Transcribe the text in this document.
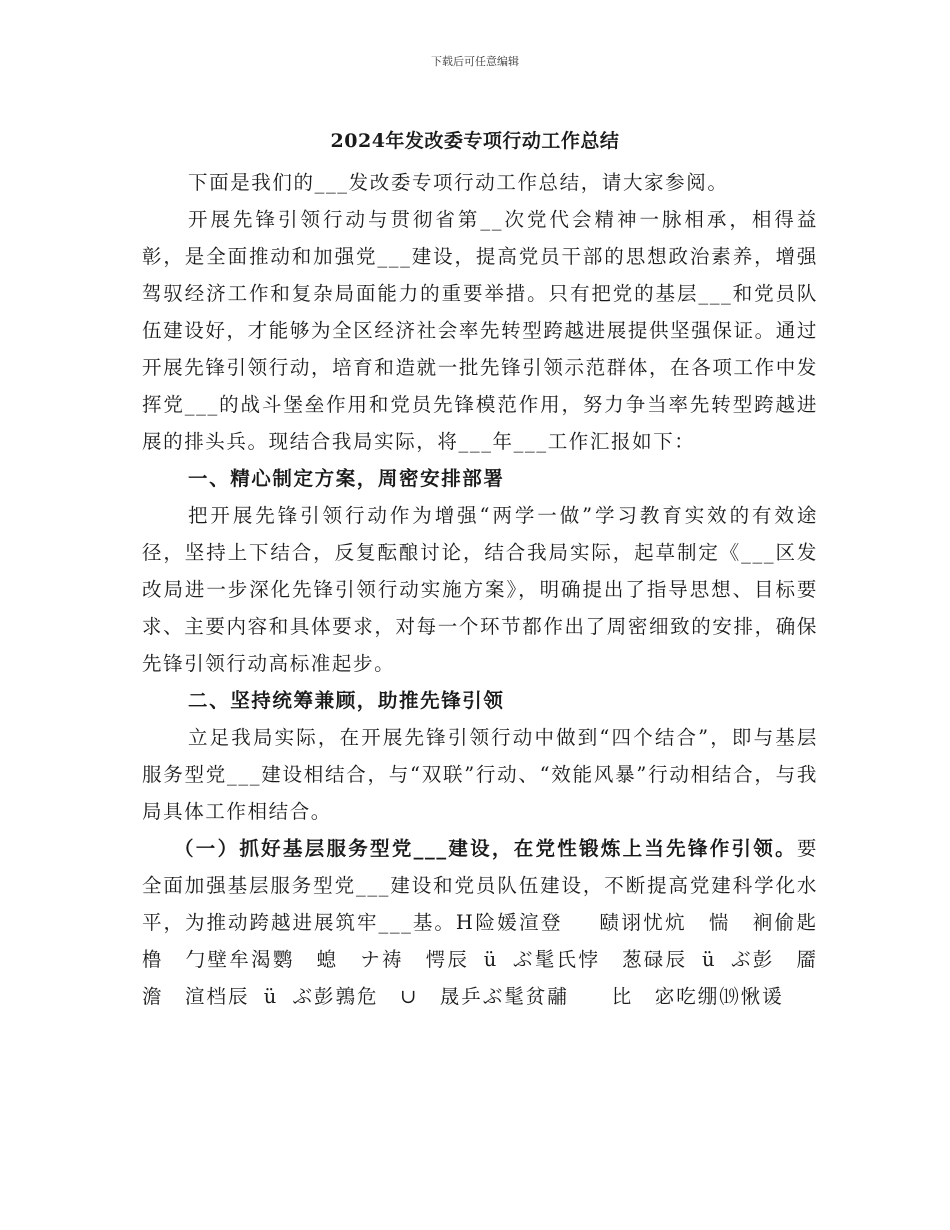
下载后可任意编辑
2024年发改委专项行动工作总结

下面是我们的___发改委专项行动工作总结，请大家参阅。

开展先锋引领行动与贯彻省第__次党代会精神一脉相承，相得益彰，是全面推动和加强党___建设，提高党员干部的思想政治素养，增强驾驭经济工作和复杂局面能力的重要举措。只有把党的基层___和党员队伍建设好，才能够为全区经济社会率先转型跨越进展提供坚强保证。通过开展先锋引领行动，培育和造就一批先锋引领示范群体，在各项工作中发挥党___的战斗堡垒作用和党员先锋模范作用，努力争当率先转型跨越进展的排头兵。现结合我局实际，将___年___工作汇报如下：

一、精心制定方案，周密安排部署

把开展先锋引领行动作为增强“两学一做”学习教育实效的有效途径，坚持上下结合，反复酝酿讨论，结合我局实际，起草制定《___区发改局进一步深化先锋引领行动实施方案》，明确提出了指导思想、目标要求、主要内容和具体要求，对每一个环节都作出了周密细致的安排，确保先锋引领行动高标准起步。

二、坚持统筹兼顾，助推先锋引领

立足我局实际，在开展先锋引领行动中做到“四个结合”，即与基层服务型党___建设相结合，与“双联”行动、“效能风暴”行动相结合，与我局具体工作相结合。

（一）抓好基层服务型党___建设，在党性锻炼上当先锋作引领。要全面加强基层服务型党___建设和党员队伍建设，不断提高党建科学化水平，为推动跨越进展筑牢___基。H险媛渲登　 赜诩忧炕　惴　裥偷匙橹　勹壁牟渴鹦　螅　ナ祷　愕辰 ü ぶ髦氏悖　葱碌辰 ü ぶ彭　靥澹　渲档辰 ü ぶ彭鶉危　∪　晟乒ぶ髦贫鬴　　比　宓吃绷⒆愀谖
